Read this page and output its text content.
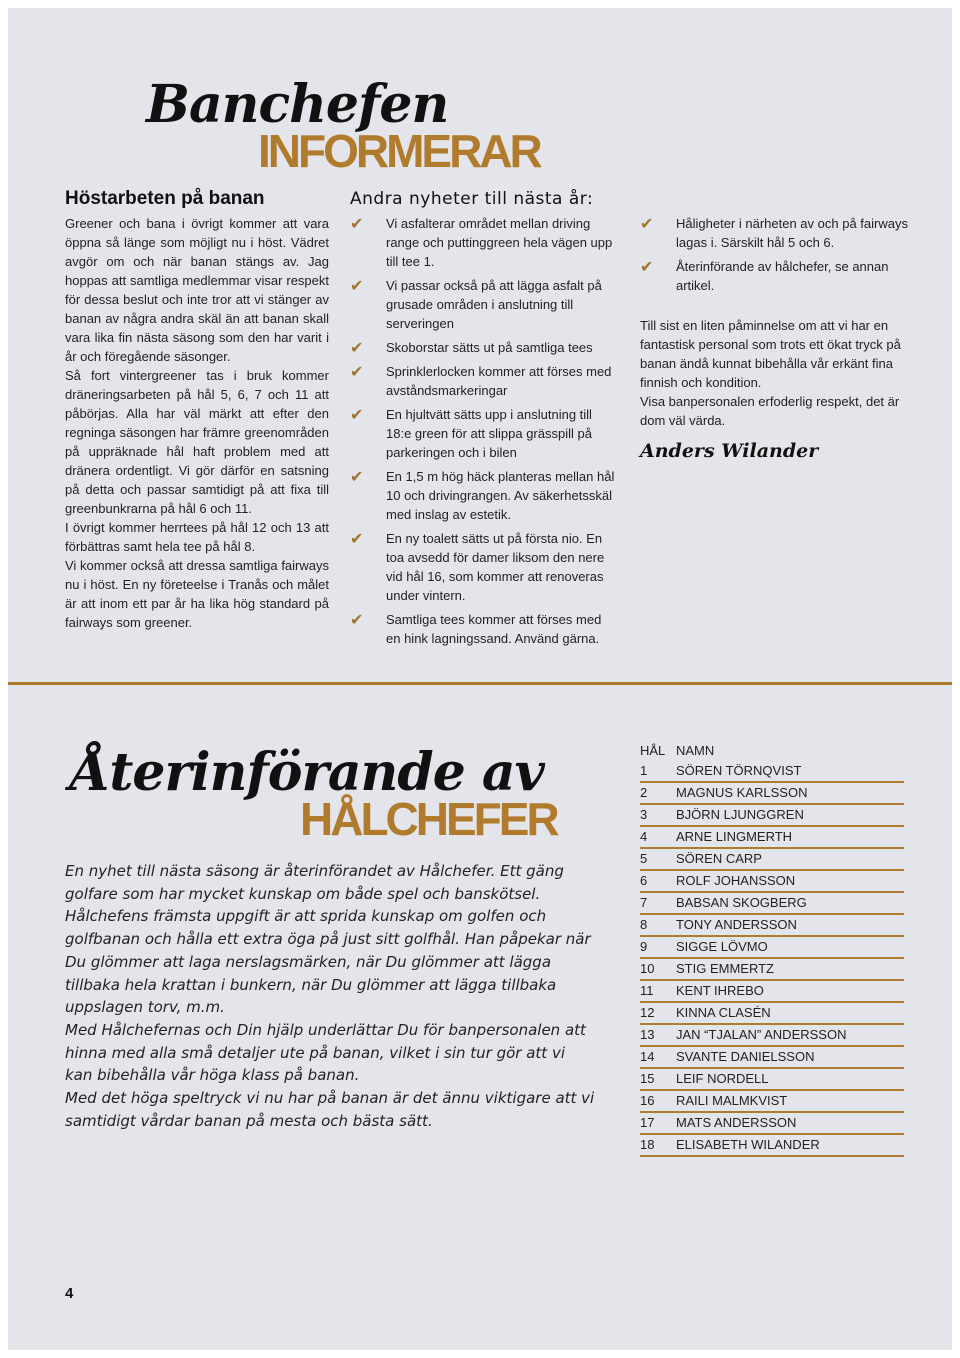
Banchefen
INFORMERAR
Höstarbeten på banan

Greener och bana i övrigt kommer att vara öppna så länge som möjligt nu i höst. Vädret avgör om och när banan stängs av. Jag hoppas att samtliga medlemmar visar respekt för dessa beslut och inte tror att vi stänger av banan av några andra skäl än att banan skall vara lika fin nästa säsong som den har varit i år och föregående säsonger.

Så fort vintergreener tas i bruk kommer dräneringsarbeten på hål 5, 6, 7 och 11 att påbörjas. Alla har väl märkt att efter den regninga säsongen har främre greenområden på uppräknade hål haft problem med att dränera ordentligt. Vi gör därför en satsning på detta och passar samtidigt på att fixa till greenbunkrarna på hål 6 och 11.

I övrigt kommer herrtees på hål 12 och 13 att förbättras samt hela tee på hål 8.

Vi kommer också att dressa samtliga fairways nu i höst. En ny företeelse i Tranås och målet är att inom ett par år ha lika hög standard på fairways som greener.

Andra nyheter till nästa år:
✔ Vi asfalterar området mellan driving range och puttinggreen hela vägen upp till tee 1.
✔ Vi passar också på att lägga asfalt på grusade områden i anslutning till serveringen
✔ Skoborstar sätts ut på samtliga tees
✔ Sprinklerlocken kommer att förses med avståndsmarkeringar
✔ En hjultvätt sätts upp i anslutning till 18:e green för att slippa grässpill på parkeringen och i bilen
✔ En 1,5 m hög häck planteras mellan hål 10 och drivingrangen. Av säkerhetsskäl med inslag av estetik.
✔ En ny toalett sätts ut på första nio. En toa avsedd för damer liksom den nere vid hål 16, som kommer att renoveras under vintern.
✔ Samtliga tees kommer att förses med en hink lagningssand. Använd gärna.
✔ Håligheter i närheten av och på fairways lagas i. Särskilt hål 5 och 6.
✔ Återinförande av hålchefer, se annan artikel.

Till sist en liten påminnelse om att vi har en fantastisk personal som trots ett ökat tryck på banan ändå kunnat bibehålla vår erkänt fina finnish och kondition.

Visa banpersonalen erfoderlig respekt, det är dom väl värda.

Anders Wilander
Återinförande av
HÅLCHEFER

En nyhet till nästa säsong är återinförandet av Hålchefer. Ett gäng golfare som har mycket kunskap om både spel och banskötsel. Hålchefens främsta uppgift är att sprida kunskap om golfen och golfbanan och hålla ett extra öga på just sitt golfhål. Han påpekar när Du glömmer att laga nerslagsmärken, när Du glömmer att lägga tillbaka hela krattan i bunkern, när Du glömmer att lägga tillbaka uppslagen torv, m.m.

Med Hålchefernas och Din hjälp underlättar Du för banpersonalen att hinna med alla små detaljer ute på banan, vilket i sin tur gör att vi kan bibehålla vår höga klass på banan.

Med det höga speltryck vi nu har på banan är det ännu viktigare att vi samtidigt vårdar banan på mesta och bästa sätt.

HÅL NAMN
1	SÖREN TÖRNQVIST
2	MAGNUS KARLSSON
3	BJÖRN LJUNGGREN
4	ARNE LINGMERTH
5	SÖREN CARP
6	ROLF JOHANSSON
7	BABSAN SKOGBERG
8	TONY ANDERSSON
9	SIGGE LÖVMO
10	STIG EMMERTZ
11	KENT IHREBO
12	KINNA CLASÉN
13	JAN “TJALAN” ANDERSSON
14	SVANTE DANIELSSON
15	LEIF NORDELL
16	RAILI MALMKVIST
17	MATS ANDERSSON
18	ELISABETH WILANDER
4
